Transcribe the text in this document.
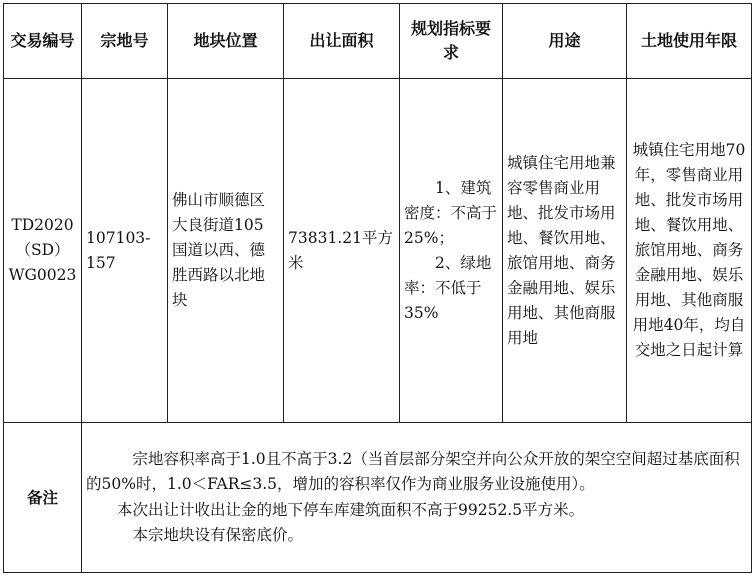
交易编号	宗地号	地块位置	出让面积	规划指标要求	用途	土地使用年限
TD2020（SD）WG0023	107103-157	佛山市顺德区大良街道105国道以西、德胜西路以北地块	73831.21平方米	1、建筑密度：不高于25%；

2、绿地率：不低于35%	城镇住宅用地兼容零售商业用地、批发市场用地、餐饮用地、旅馆用地、商务金融用地、娱乐用地、其他商服用地	城镇住宅用地70年，零售商业用地、批发市场用地、餐饮用地、旅馆用地、商务金融用地、娱乐用地、其他商服用地40年，均自交地之日起计算
备注	宗地容积率高于1.0且不高于3.2（当首层部分架空并向公众开放的架空空间超过基底面积的50%时，1.0＜FAR≤3.5，增加的容积率仅作为商业服务业设施使用）。

本次出让计收出让金的地下停车库建筑面积不高于99252.5平方米。

本宗地块设有保密底价。					
